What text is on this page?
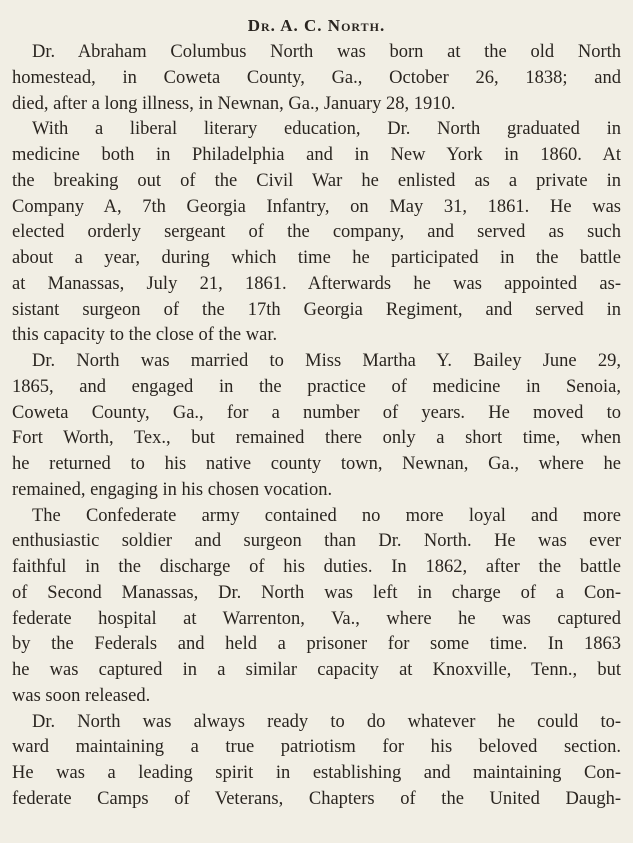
Dr. A. C. North.

Dr. Abraham Columbus North was born at the old North
homestead, in Coweta County, Ga., October 26, 1838; and
died, after a long illness, in Newnan, Ga., January 28, 1910.

With a liberal literary education, Dr. North graduated in
medicine both in Philadelphia and in New York in 1860. At
the breaking out of the Civil War he enlisted as a private in
Company A, 7th Georgia Infantry, on May 31, 1861. He was
elected orderly sergeant of the company, and served as such
about a year, during which time he participated in the battle
at Manassas, July 21, 1861. Afterwards he was appointed as-
sistant surgeon of the 17th Georgia Regiment, and served in
this capacity to the close of the war.

Dr. North was married to Miss Martha Y. Bailey June 29,
1865, and engaged in the practice of medicine in Senoia,
Coweta County, Ga., for a number of years. He moved to
Fort Worth, Tex., but remained there only a short time, when
he returned to his native county town, Newnan, Ga., where he
remained, engaging in his chosen vocation.

The Confederate army contained no more loyal and more
enthusiastic soldier and surgeon than Dr. North. He was ever
faithful in the discharge of his duties. In 1862, after the battle
of Second Manassas, Dr. North was left in charge of a Con-
federate hospital at Warrenton, Va., where he was captured
by the Federals and held a prisoner for some time. In 1863
he was captured in a similar capacity at Knoxville, Tenn., but
was soon released.

Dr. North was always ready to do whatever he could to-
ward maintaining a true patriotism for his beloved section.
He was a leading spirit in establishing and maintaining Con-
federate Camps of Veterans, Chapters of the United Daugh-
